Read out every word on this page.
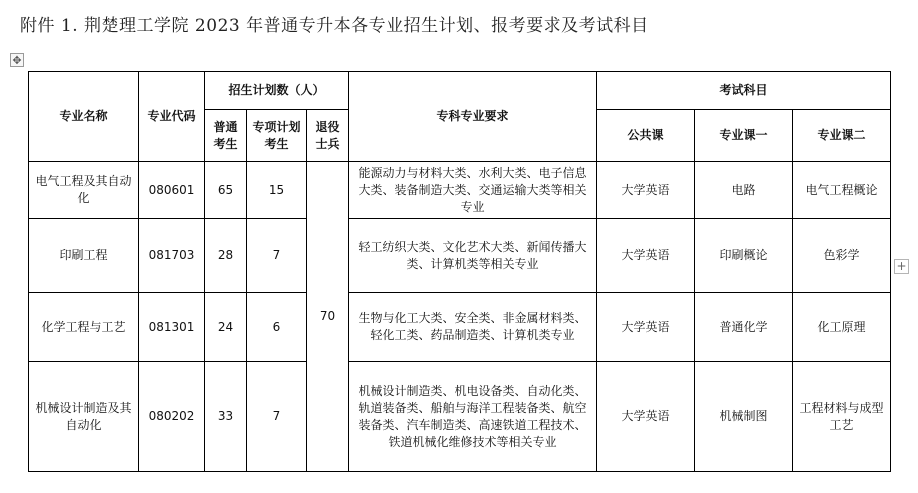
附件 1. 荆楚理工学院 2023 年普通专升本各专业招生计划、报考要求及考试科目
✥
+
专业名称	专业代码	招生计划数（人）			专科专业要求	考试科目		
		普通考生	专项计划考生	退役士兵		公共课	专业课一	专业课二
电气工程及其自动化	080601	65	15	70	能源动力与材料大类、水利大类、电子信息大类、装备制造大类、交通运输大类等相关专业	大学英语	电路	电气工程概论
印刷工程	081703	28	7		轻工纺织大类、文化艺术大类、新闻传播大类、计算机类等相关专业	大学英语	印刷概论	色彩学
化学工程与工艺	081301	24	6		生物与化工大类、安全类、非金属材料类、轻化工类、药品制造类、计算机类专业	大学英语	普通化学	化工原理
机械设计制造及其自动化	080202	33	7		机械设计制造类、机电设备类、自动化类、轨道装备类、船舶与海洋工程装备类、航空装备类、汽车制造类、高速铁道工程技术、铁道机械化维修技术等相关专业	大学英语	机械制图	工程材料与成型工艺
